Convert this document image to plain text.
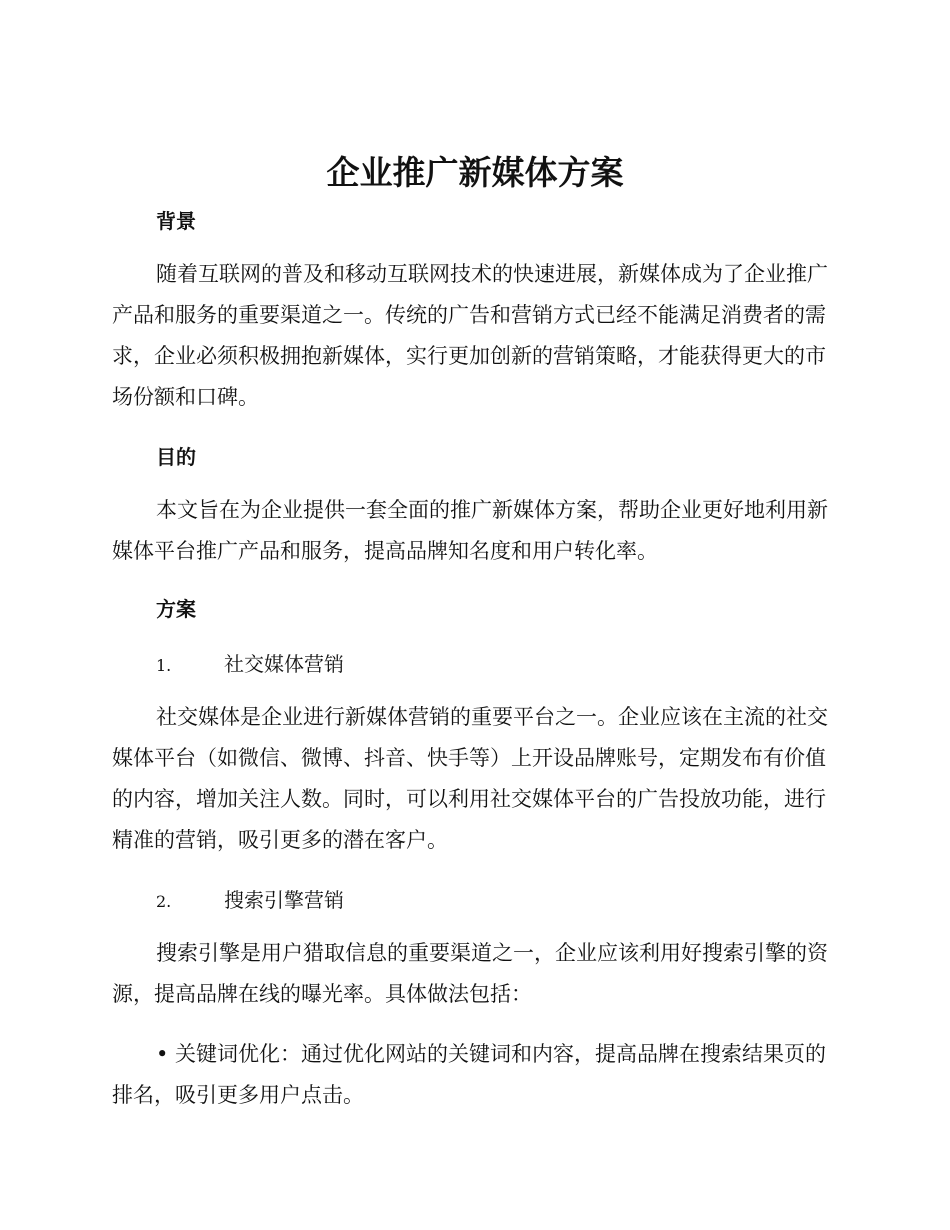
企业推广新媒体方案
背景

随着互联网的普及和移动互联网技术的快速进展，新媒体成为了企业推广产品和服务的重要渠道之一。传统的广告和营销方式已经不能满足消费者的需求，企业必须积极拥抱新媒体，实行更加创新的营销策略，才能获得更大的市场份额和口碑。

目的

本文旨在为企业提供一套全面的推广新媒体方案，帮助企业更好地利用新媒体平台推广产品和服务，提高品牌知名度和用户转化率。

方案
1.	社交媒体营销

社交媒体是企业进行新媒体营销的重要平台之一。企业应该在主流的社交媒体平台（如微信、微博、抖音、快手等）上开设品牌账号，定期发布有价值的内容，增加关注人数。同时，可以利用社交媒体平台的广告投放功能，进行精准的营销，吸引更多的潜在客户。

2.	搜索引擎营销

搜索引擎是用户猎取信息的重要渠道之一，企业应该利用好搜索引擎的资源，提高品牌在线的曝光率。具体做法包括：

• 关键词优化：通过优化网站的关键词和内容，提高品牌在搜索结果页的排名，吸引更多用户点击。
